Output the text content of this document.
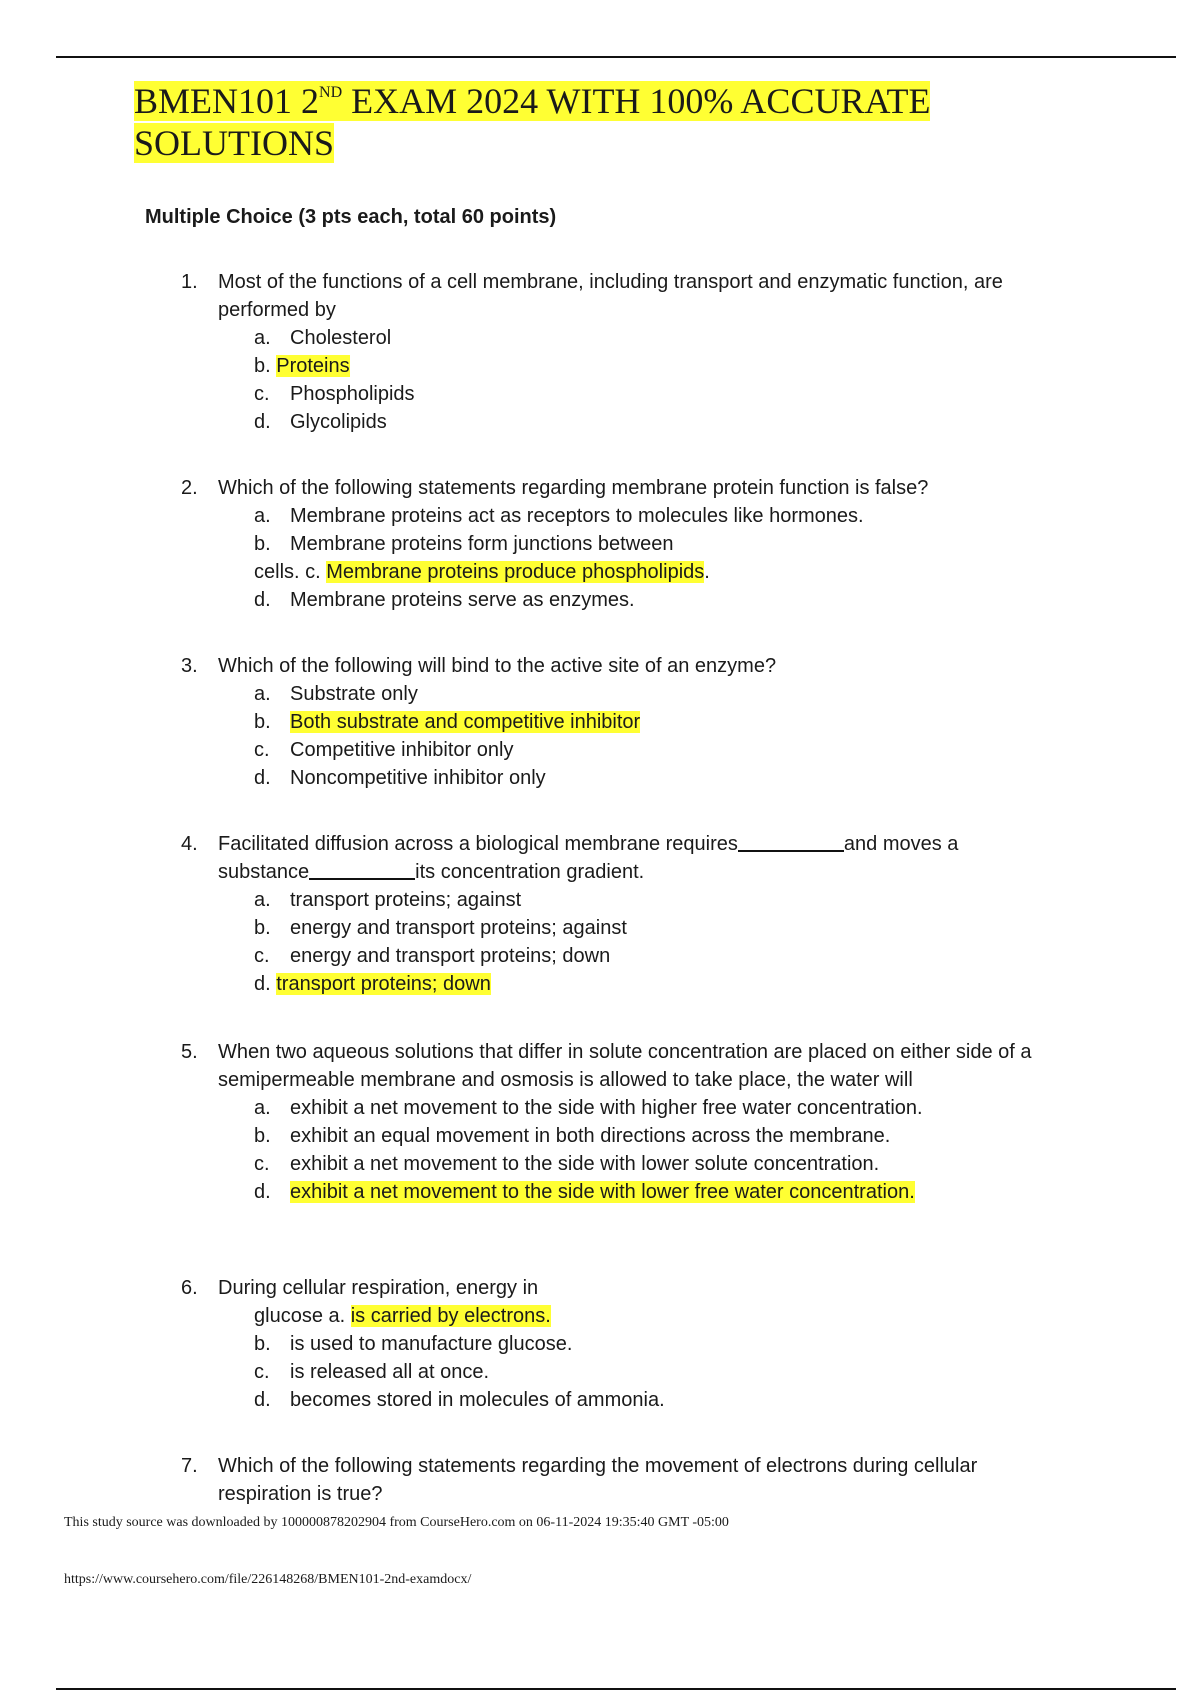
BMEN101 2ND EXAM 2024 WITH 100% ACCURATE
SOLUTIONS
Multiple Choice (3 pts each, total 60 points)
1.	Most of the functions of a cell membrane, including transport and enzymatic function, are performed by
a. Cholesterol
b. Proteins
c. Phospholipids
d. Glycolipids
2.	Which of the following statements regarding membrane protein function is false?
a. Membrane proteins act as receptors to molecules like hormones.
b. Membrane proteins form junctions between
cells. c. Membrane proteins produce phospholipids.
d. Membrane proteins serve as enzymes.
3.	Which of the following will bind to the active site of an enzyme?
a. Substrate only
b. Both substrate and competitive inhibitor
c. Competitive inhibitor only
d. Noncompetitive inhibitor only
4.	Facilitated diffusion across a biological membrane requires	and moves a
substance	its concentration gradient.
a. transport proteins; against
b. energy and transport proteins; against
c. energy and transport proteins; down
d. transport proteins; down
5.	When two aqueous solutions that differ in solute concentration are placed on either side of a semipermeable membrane and osmosis is allowed to take place, the water will
a. exhibit a net movement to the side with higher free water concentration.
b. exhibit an equal movement in both directions across the membrane.
c. exhibit a net movement to the side with lower solute concentration.
d. exhibit a net movement to the side with lower free water concentration.
6.	During cellular respiration, energy in
glucose a. is carried by electrons.
b. is used to manufacture glucose.
c. is released all at once.
d. becomes stored in molecules of ammonia.
7.	Which of the following statements regarding the movement of electrons during cellular respiration is true?
This study source was downloaded by 100000878202904 from CourseHero.com on 06-11-2024 19:35:40 GMT -05:00
https://www.coursehero.com/file/226148268/BMEN101-2nd-examdocx/
